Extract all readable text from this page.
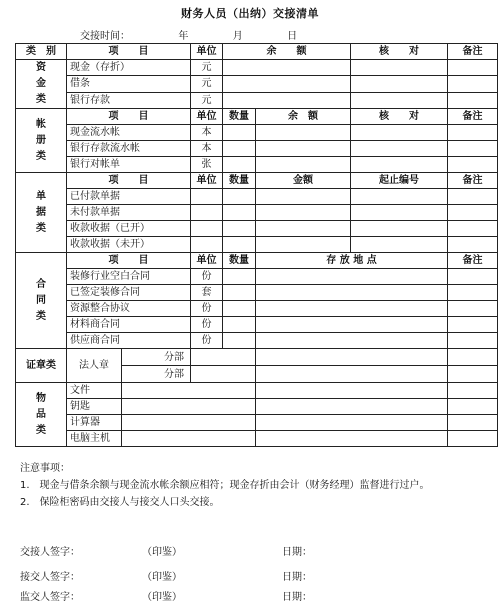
财务人员（出纳）交接清单
交接时间：	年	月	日
类　别	项　　目		单位	余　　额		核　　对	备注
资金类	现金（存折）		元				
	借条		元				
	银行存款		元				
帐册类	项　　目		单位	数量	余　额	核　　对	备注
	现金流水帐		本				
	银行存款流水帐		本				
	银行对帐单		张				
单据类	项　　目		单位	数量	金额	起止编号	备注
	已付款单据						
	未付款单据						
	收款收据（已开）						
	收款收据（未开）						
合同类	项　　目		单位	数量	存 放 地 点		备注
	装修行业空白合同		份				
	已签定装修合同		套				
	资源整合协议		份				
	材料商合同		份				
	供应商合同		份				
证章类	法人章	分部					
		分部					
物品类	文件						
	钥匙						
	计算器						
	电脑主机						
注意事项：
1.　现金与借条余额与现金流水帐余额应相符；现金存折由会计（财务经理）监督进行过户。
2.　保险柜密码由交接人与接交人口头交接。
交接人签字：	（印鉴）	日期：
接交人签字：	（印鉴）	日期：
监交人签字：	（印鉴）	日期：
